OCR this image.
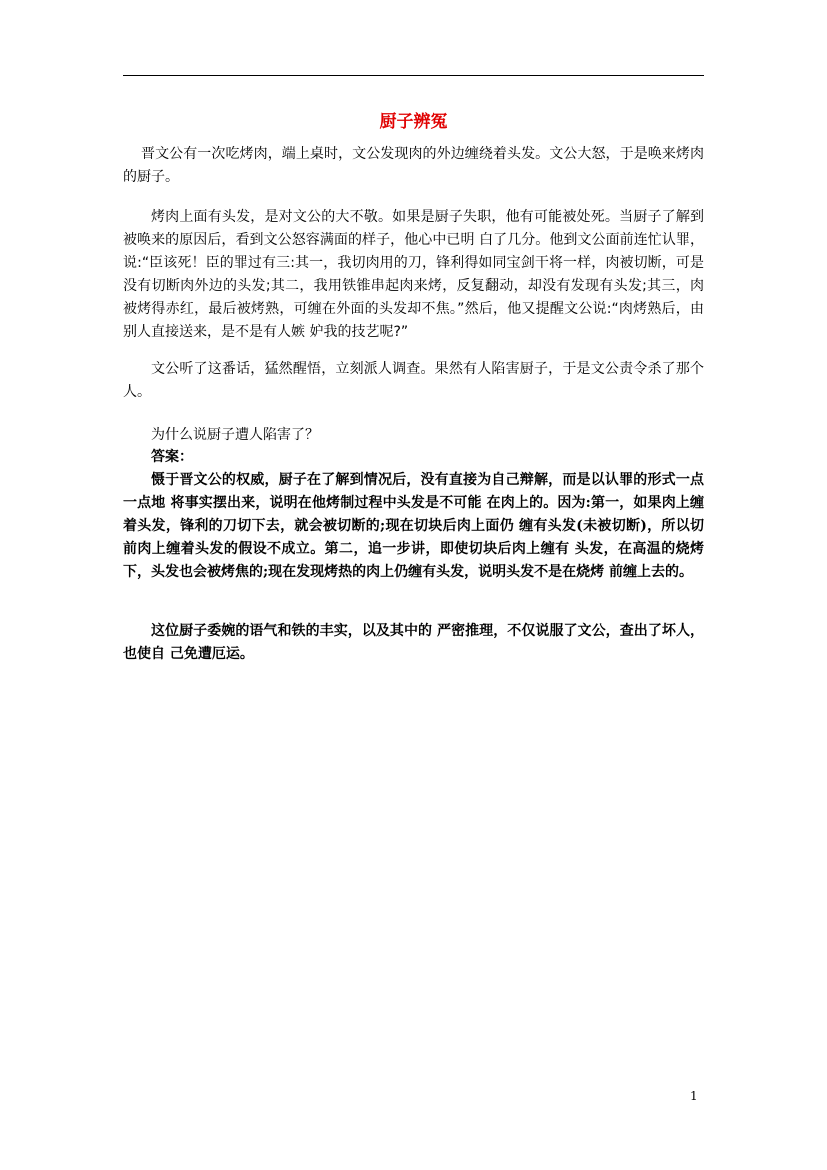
厨子辨冤

晋文公有一次吃烤肉，端上桌时，文公发现肉的外边缠绕着头发。文公大怒，于是唤来烤肉的厨子。

烤肉上面有头发，是对文公的大不敬。如果是厨子失职，他有可能被处死。当厨子了解到被唤来的原因后，看到文公怒容满面的样子，他心中已明 白了几分。他到文公面前连忙认罪，说:“臣该死！臣的罪过有三:其一，我切肉用的刀，锋利得如同宝剑干将一样，肉被切断，可是没有切断肉外边的头发;其二，我用铁锥串起肉来烤，反复翻动，却没有发现有头发;其三，肉被烤得赤红，最后被烤熟，可缠在外面的头发却不焦。”然后，他又提醒文公说:“肉烤熟后，由别人直接送来，是不是有人嫉 妒我的技艺呢?”

文公听了这番话，猛然醒悟，立刻派人调查。果然有人陷害厨子，于是文公责令杀了那个人。

为什么说厨子遭人陷害了？

答案：

慑于晋文公的权威，厨子在了解到情况后，没有直接为自己辩解，而是以认罪的形式一点一点地 将事实摆出来，说明在他烤制过程中头发是不可能 在肉上的。因为:第一，如果肉上缠着头发，锋利的刀切下去，就会被切断的;现在切块后肉上面仍 缠有头发(未被切断)，所以切前肉上缠着头发的假设不成立。第二，追一步讲，即使切块后肉上缠有 头发，在高温的烧烤下，头发也会被烤焦的;现在发现烤热的肉上仍缠有头发，说明头发不是在烧烤 前缠上去的。

这位厨子委婉的语气和铁的丰实，以及其中的 严密推理，不仅说服了文公，查出了坏人，也使自 己免遭厄运。

1
